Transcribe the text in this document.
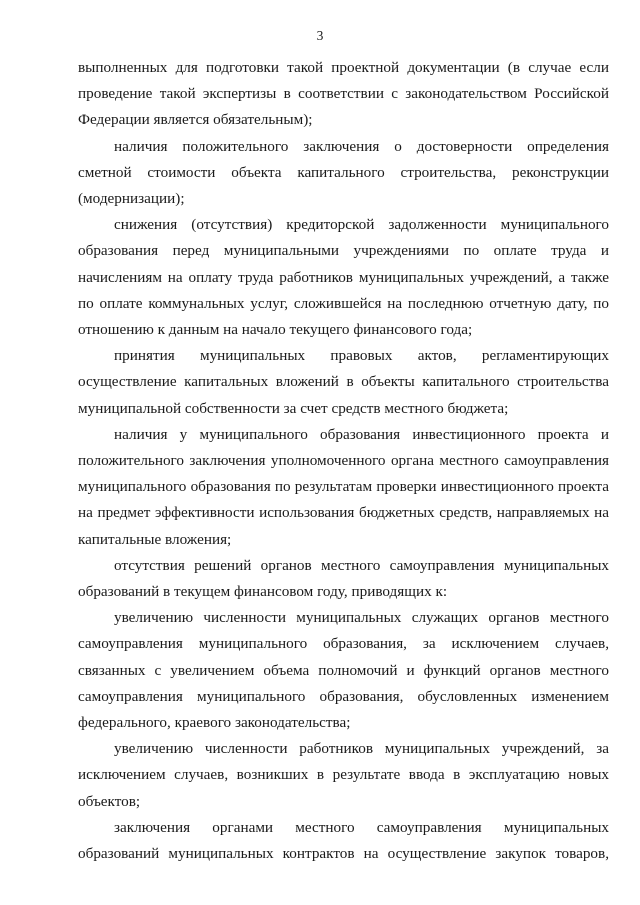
3

выполненных для подготовки такой проектной документации (в случае если проведение такой экспертизы в соответствии с законодательством Российской Федерации является обязательным);

наличия положительного заключения о достоверности определения сметной стоимости объекта капитального строительства, реконструкции (модернизации);

снижения (отсутствия) кредиторской задолженности муниципального образования перед муниципальными учреждениями по оплате труда и начислениям на оплату труда работников муниципальных учреждений, а также по оплате коммунальных услуг, сложившейся на последнюю отчетную дату, по отношению к данным на начало текущего финансового года;

принятия муниципальных правовых актов, регламентирующих осуществление капитальных вложений в объекты капитального строительства муниципальной собственности за счет средств местного бюджета;

наличия у муниципального образования инвестиционного проекта и положительного заключения уполномоченного органа местного самоуправления муниципального образования по результатам проверки инвестиционного проекта на предмет эффективности использования бюджетных средств, направляемых на капитальные вложения;

отсутствия решений органов местного самоуправления муниципальных образований в текущем финансовом году, приводящих к:

увеличению численности муниципальных служащих органов местного самоуправления муниципального образования, за исключением случаев, связанных с увеличением объема полномочий и функций органов местного самоуправления муниципального образования, обусловленных изменением федерального, краевого законодательства;

увеличению численности работников муниципальных учреждений, за исключением случаев, возникших в результате ввода в эксплуатацию новых объектов;

заключения органами местного самоуправления муниципальных образований муниципальных контрактов на осуществление закупок товаров,
